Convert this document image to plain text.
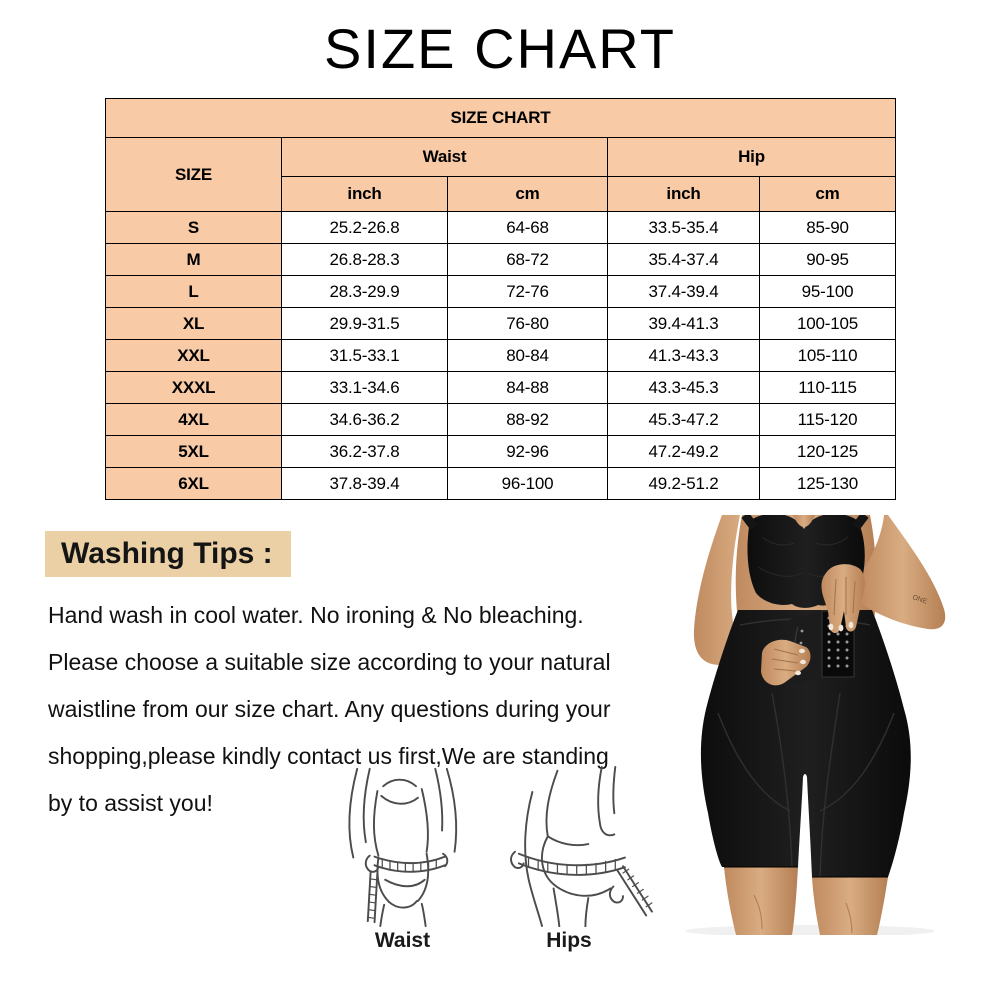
SIZE CHART
SIZE CHART				
SIZE	Waist		Hip	
	inch	cm	inch	cm
S	25.2-26.8	64-68	33.5-35.4	85-90
M	26.8-28.3	68-72	35.4-37.4	90-95
L	28.3-29.9	72-76	37.4-39.4	95-100
XL	29.9-31.5	76-80	39.4-41.3	100-105
XXL	31.5-33.1	80-84	41.3-43.3	105-110
XXXL	33.1-34.6	84-88	43.3-45.3	110-115
4XL	34.6-36.2	88-92	45.3-47.2	115-120
5XL	36.2-37.8	92-96	47.2-49.2	120-125
6XL	37.8-39.4	96-100	49.2-51.2	125-130
Washing Tips :
Hand wash in cool water. No ironing & No bleaching.
Please choose a suitable size according to your natural
waistline from our size chart. Any questions during your
shopping,please kindly contact us first,We are standing
by to assist you!
Waist	Hips
ONE
